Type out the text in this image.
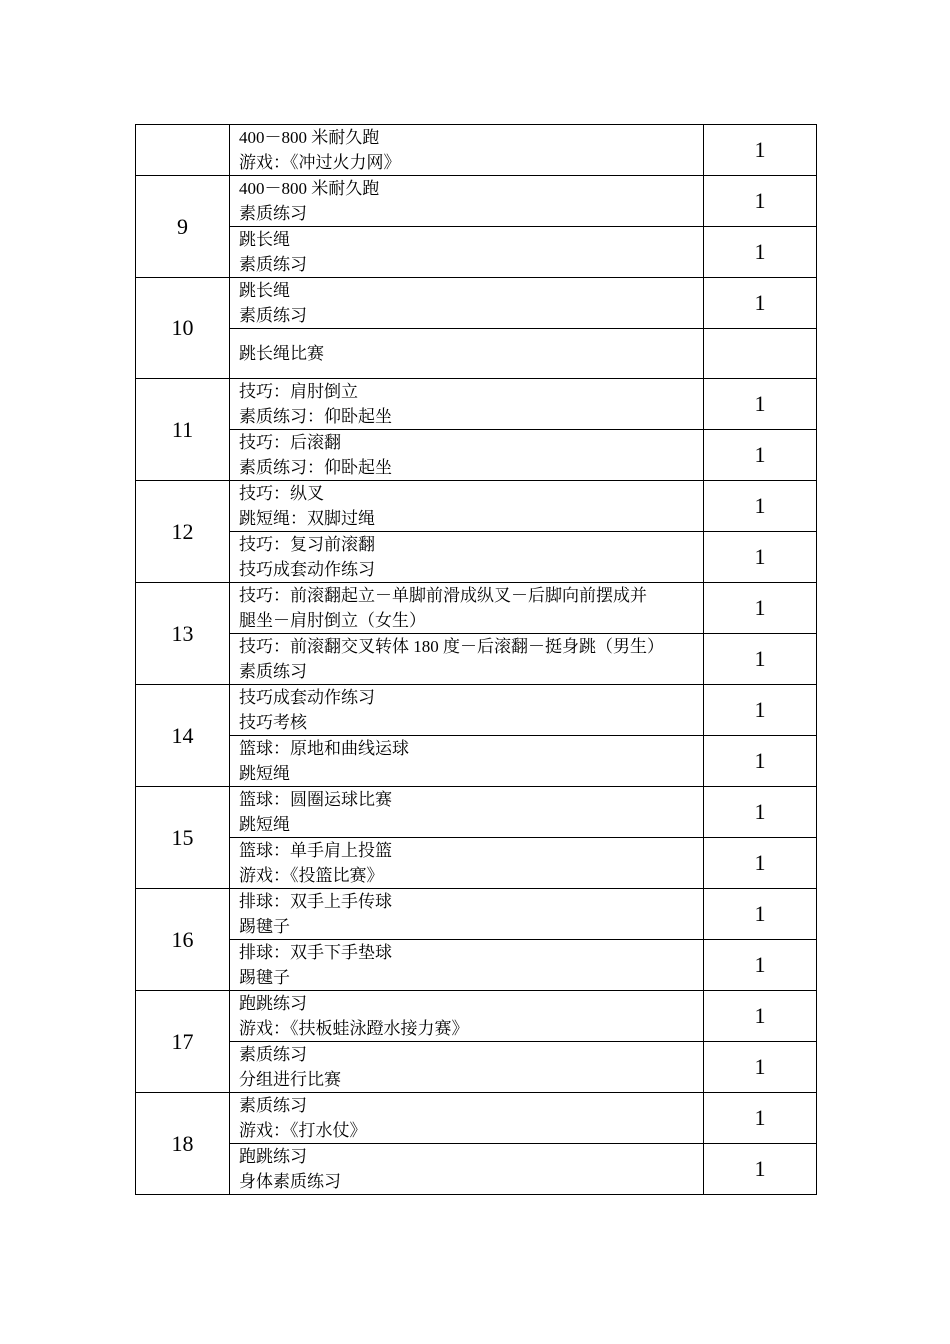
	400－800 米耐久跑
游戏：《冲过火力网》	1
9	400－800 米耐久跑
素质练习	1

	跳长绳
素质练习	1
10	跳长绳
素质练习	1

	跳长绳比赛	

11	技巧：肩肘倒立
素质练习：仰卧起坐	1

	技巧：后滚翻
素质练习：仰卧起坐	1
12	技巧：纵叉
跳短绳：双脚过绳	1

	技巧：复习前滚翻
技巧成套动作练习	1
13	技巧：前滚翻起立－单脚前滑成纵叉－后脚向前摆成并
腿坐－肩肘倒立（女生）	1

	技巧：前滚翻交叉转体 180 度－后滚翻－挺身跳（男生）
素质练习	1
14	技巧成套动作练习
技巧考核	1

	篮球：原地和曲线运球
跳短绳	1
15	篮球：圆圈运球比赛
跳短绳	1

	篮球：单手肩上投篮
游戏：《投篮比赛》	1
16	排球：双手上手传球
踢毽子	1

	排球：双手下手垫球
踢毽子	1
17	跑跳练习
游戏：《扶板蛙泳蹬水接力赛》	1

	素质练习
分组进行比赛	1
18	素质练习
游戏：《打水仗》	1

	跑跳练习
身体素质练习	1
